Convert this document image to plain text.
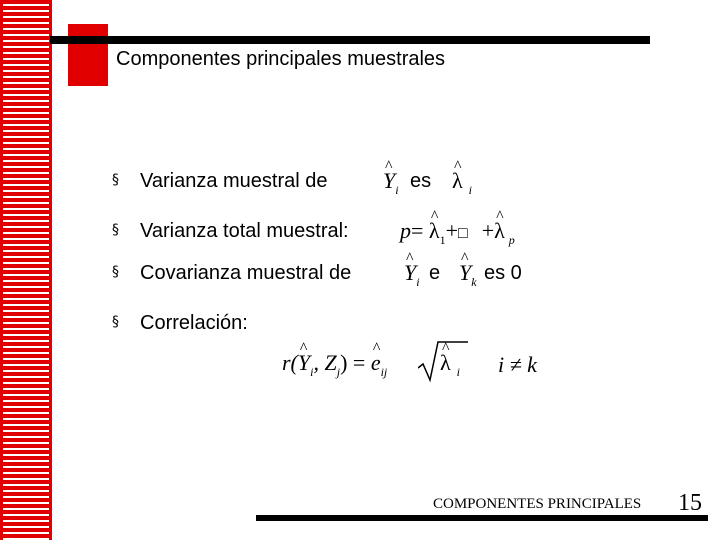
Componentes principales muestrales
§ Varianza muestral de	^ $Y_i$ es ^ λ $_i$
§ Varianza total muestral: p= ^ $\lambda_1+□$ +^ λ $_p$
§ Covarianza muestral de ^ $Y_i$ e ^ $Y_k$ es 0
§ Correlación:
r(^ $Y_i$, $Z_j$) = ^ $e_{ij}$ ^ λ $_i$ i ≠ k
COMPONENTES PRINCIPALES 15
